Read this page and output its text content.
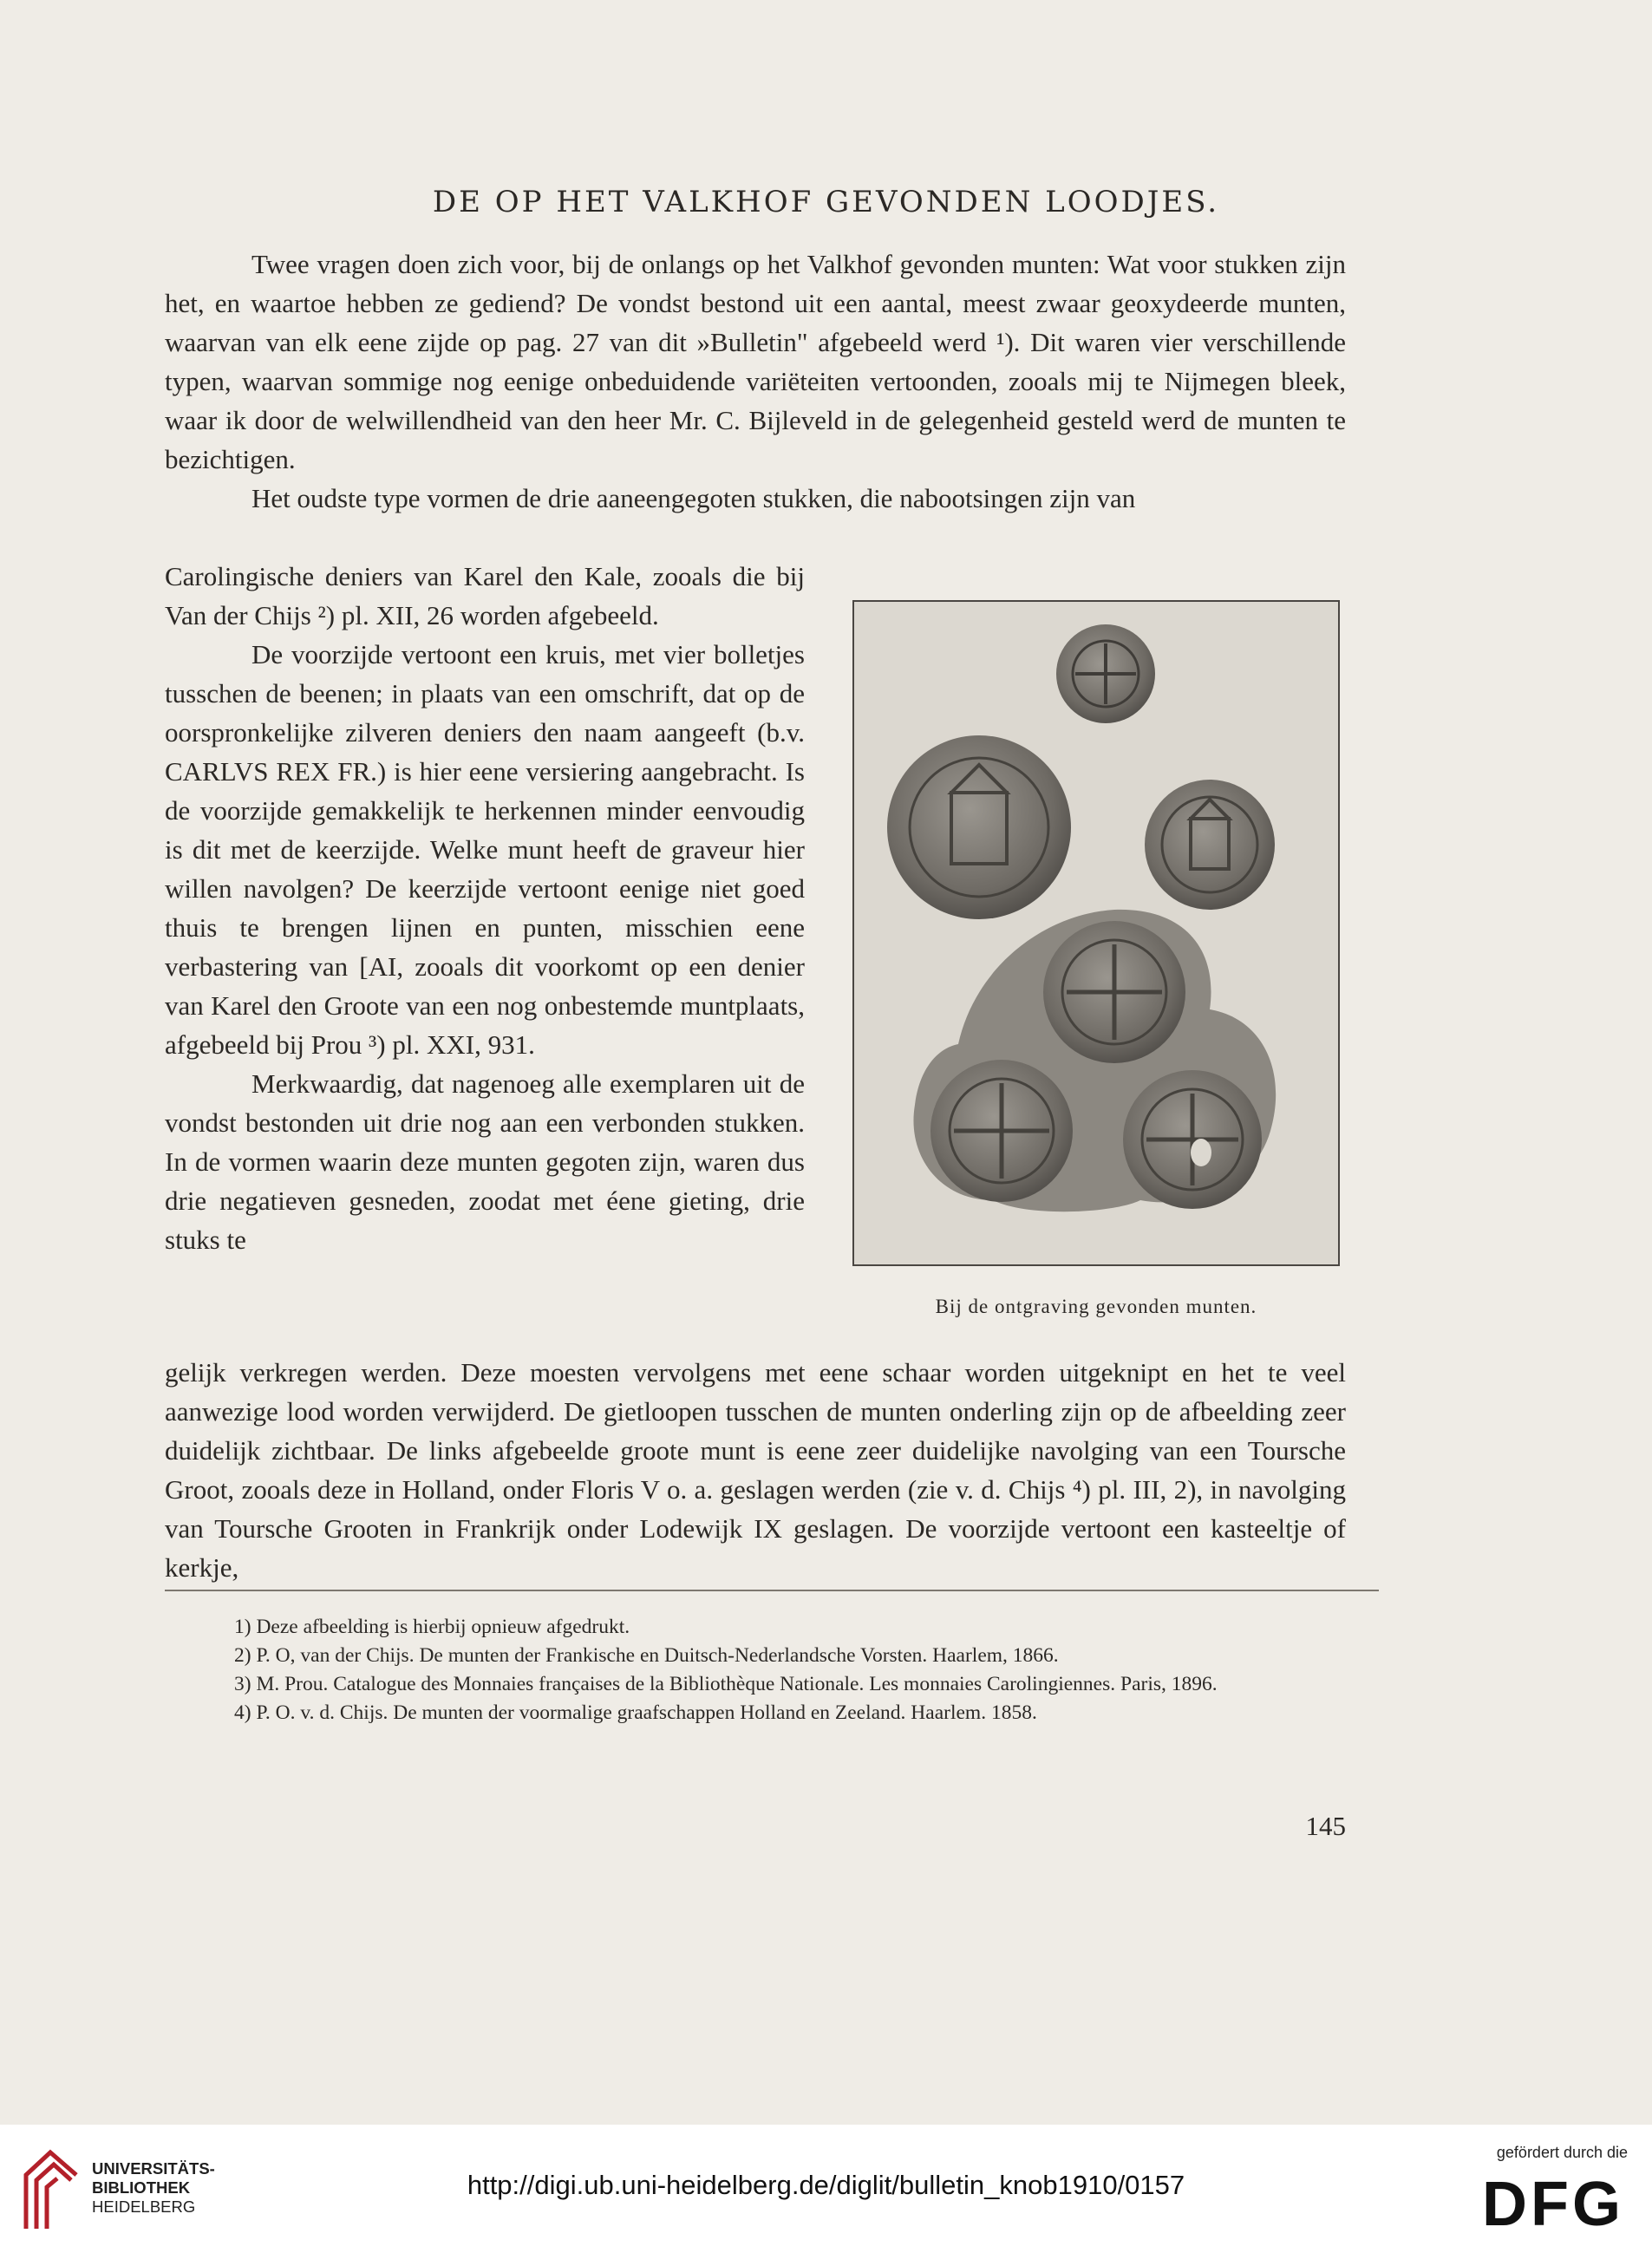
DE OP HET VALKHOF GEVONDEN LOODJES.

Twee vragen doen zich voor, bij de onlangs op het Valkhof gevonden munten: Wat voor stukken zijn het, en waartoe hebben ze gediend? De vondst bestond uit een aantal, meest zwaar geoxydeerde munten, waarvan van elk eene zijde op pag. 27 van dit »Bulletin" afgebeeld werd ¹). Dit waren vier verschillende typen, waarvan sommige nog eenige onbeduidende variëteiten vertoonden, zooals mij te Nijmegen bleek, waar ik door de welwillendheid van den heer Mr. C. Bijleveld in de gelegenheid gesteld werd de munten te bezichtigen.

Het oudste type vormen de drie aaneengegoten stukken, die nabootsingen zijn van

Carolingische deniers van Karel den Kale, zooals die bij Van der Chijs ²) pl. XII, 26 worden afgebeeld.

De voorzijde vertoont een kruis, met vier bolletjes tusschen de beenen; in plaats van een omschrift, dat op de oorspronkelijke zilveren deniers den naam aangeeft (b.v. CARLVS REX FR.) is hier eene versiering aangebracht. Is de voorzijde gemakkelijk te herkennen minder eenvoudig is dit met de keerzijde. Welke munt heeft de graveur hier willen navolgen? De keerzijde vertoont eenige niet goed thuis te brengen lijnen en punten, misschien eene verbastering van [AI, zooals dit voorkomt op een denier van Karel den Groote van een nog onbestemde muntplaats, afgebeeld bij Prou ³) pl. XXI, 931.

Merkwaardig, dat nagenoeg alle exemplaren uit de vondst bestonden uit drie nog aan een verbonden stukken. In de vormen waarin deze munten gegoten zijn, waren dus drie negatieven gesneden, zoodat met éene gieting, drie stuks te

Bij de ontgraving gevonden munten.

gelijk verkregen werden. Deze moesten vervolgens met eene schaar worden uitgeknipt en het te veel aanwezige lood worden verwijderd. De gietloopen tusschen de munten onderling zijn op de afbeelding zeer duidelijk zichtbaar. De links afgebeelde groote munt is eene zeer duidelijke navolging van een Toursche Groot, zooals deze in Holland, onder Floris V o. a. geslagen werden (zie v. d. Chijs ⁴) pl. III, 2), in navolging van Toursche Grooten in Frankrijk onder Lodewijk IX geslagen. De voorzijde vertoont een kasteeltje of kerkje,

1) Deze afbeelding is hierbij opnieuw afgedrukt.

2) P. O, van der Chijs. De munten der Frankische en Duitsch-Nederlandsche Vorsten. Haarlem, 1866.

3) M. Prou. Catalogue des Monnaies françaises de la Bibliothèque Nationale. Les monnaies Carolingiennes. Paris, 1896.

4) P. O. v. d. Chijs. De munten der voormalige graafschappen Holland en Zeeland. Haarlem. 1858.

145
UNIVERSITÄTS-
BIBLIOTHEK
HEIDELBERG
http://digi.ub.uni-heidelberg.de/diglit/bulletin_knob1910/0157
gefördert durch die
DFG
